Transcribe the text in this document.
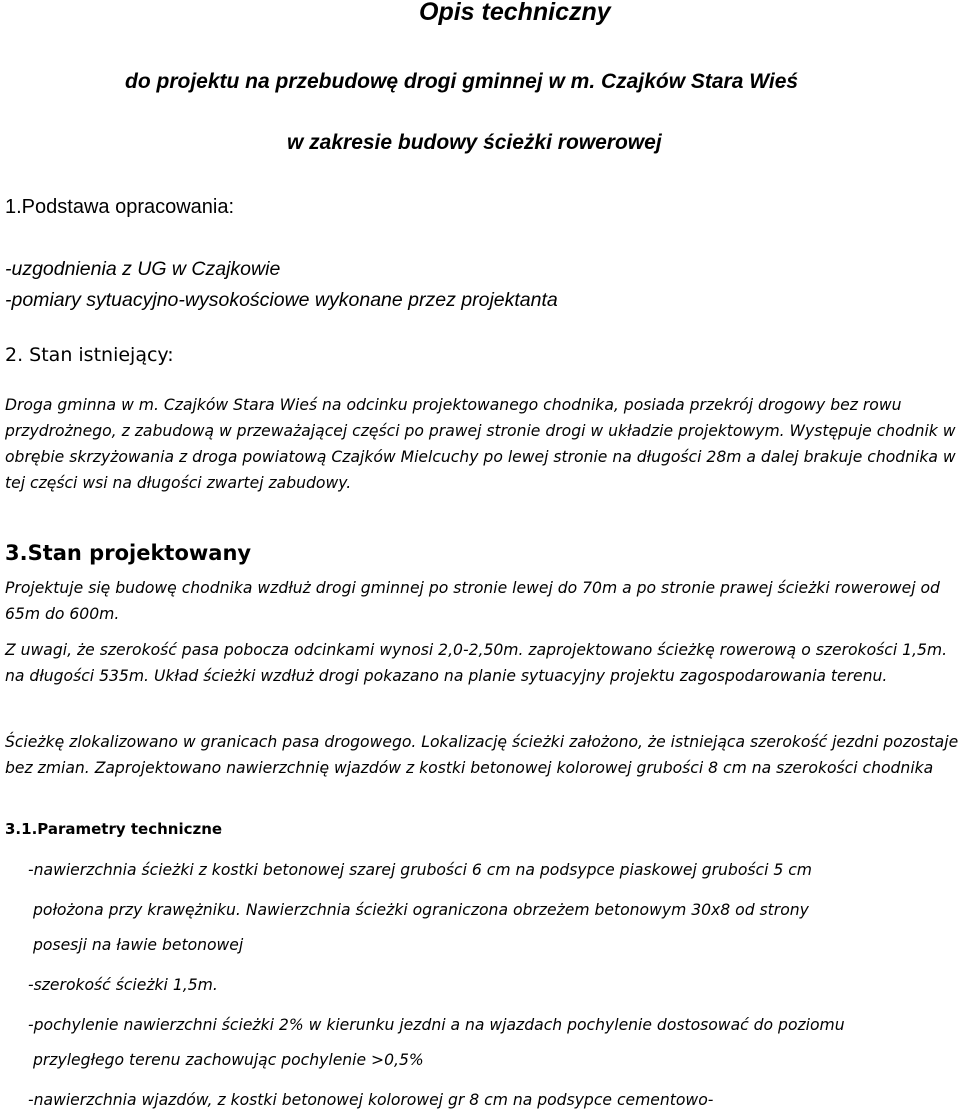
Opis techniczny
do projektu na przebudowę drogi gminnej w m. Czajków Stara Wieś
w zakresie budowy ścieżki rowerowej
1.Podstawa opracowania:
-uzgodnienia z UG w Czajkowie
-pomiary sytuacyjno-wysokościowe wykonane przez projektanta
2. Stan istniejący:
Droga gminna w m. Czajków Stara Wieś na odcinku projektowanego chodnika, posiada przekrój drogowy bez rowu przydrożnego, z zabudową w przeważającej części po prawej stronie drogi w układzie projektowym. Występuje chodnik w obrębie skrzyżowania z droga powiatową Czajków Mielcuchy po lewej stronie na długości 28m a dalej brakuje chodnika w tej części wsi na długości zwartej zabudowy.
3.Stan projektowany
Projektuje się budowę chodnika wzdłuż drogi gminnej po stronie lewej do 70m a po stronie prawej ścieżki rowerowej od 65m do 600m.
Z uwagi, że szerokość pasa pobocza odcinkami wynosi 2,0-2,50m. zaprojektowano ścieżkę rowerową o szerokości 1,5m. na długości 535m. Układ ścieżki wzdłuż drogi pokazano na planie sytuacyjny projektu zagospodarowania terenu.
Ścieżkę zlokalizowano w granicach pasa drogowego. Lokalizację ścieżki założono, że istniejąca szerokość jezdni pozostaje bez zmian. Zaprojektowano nawierzchnię wjazdów z kostki betonowej kolorowej grubości 8 cm na szerokości chodnika
3.1.Parametry techniczne
-nawierzchnia ścieżki z kostki betonowej szarej grubości 6 cm na podsypce piaskowej grubości 5 cm
położona przy krawężniku. Nawierzchnia ścieżki ograniczona obrzeżem betonowym 30x8 od strony
posesji na ławie betonowej
-szerokość ścieżki 1,5m.
-pochylenie nawierzchni ścieżki 2% w kierunku jezdni a na wjazdach pochylenie dostosować do poziomu
przyległego terenu zachowując pochylenie >0,5%
-nawierzchnia wjazdów, z kostki betonowej kolorowej gr 8 cm na podsypce cementowo-
